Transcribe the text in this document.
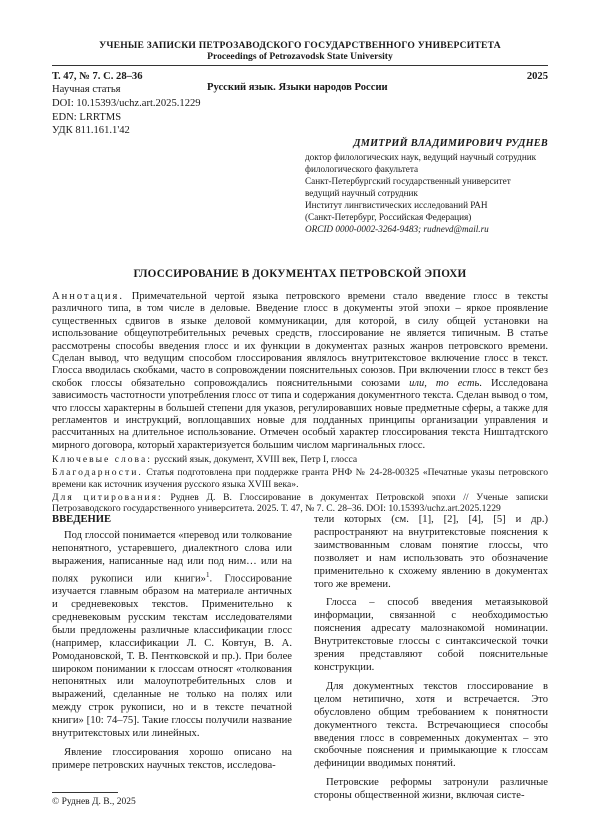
УЧЕНЫЕ ЗАПИСКИ ПЕТРОЗАВОДСКОГО ГОСУДАРСТВЕННОГО УНИВЕРСИТЕТА
Proceedings of Petrozavodsk State University
Т. 47, № 7. С. 28–36	2025
Научная статья	Русский язык. Языки народов России
DOI: 10.15393/uchz.art.2025.1229
EDN: LRRTMS
УДК 811.161.1'42
ДМИТРИЙ ВЛАДИМИРОВИЧ РУДНЕВ
доктор филологических наук, ведущий научный сотрудник
филологического факультета
Санкт-Петербургский государственный университет
ведущий научный сотрудник
Институт лингвистических исследований РАН
(Санкт-Петербург, Российская Федерация)
ORCID 0000-0002-3264-9483; rudnevd@mail.ru
ГЛОССИРОВАНИЕ В ДОКУМЕНТАХ ПЕТРОВСКОЙ ЭПОХИ

Аннотация. Примечательной чертой языка петровского времени стало введение глосс в тексты различного типа, в том числе в деловые. Введение глосс в документы этой эпохи – яркое проявление существенных сдвигов в языке деловой коммуникации, для которой, в силу общей установки на использование общеупотребительных речевых средств, глоссирование не является типичным. В статье рассмотрены способы введения глосс и их функции в документах разных жанров петровского времени. Сделан вывод, что ведущим способом глоссирования являлось внутритекстовое включение глосс в текст. Глосса вводилась скобками, часто в сопровождении пояснительных союзов. При включении глосс в текст без скобок глоссы обязательно сопровождались пояснительными союзами или, то есть. Исследована зависимость частотности употребления глосс от типа и содержания документного текста. Сделан вывод о том, что глоссы характерны в большей степени для указов, регулировавших новые предметные сферы, а также для регламентов и инструкций, воплощавших новые для подданных принципы организации управления и рассчитанных на длительное использование. Отмечен особый характер глоссирования текста Ништадтского мирного договора, который характеризуется большим числом маргинальных глосс.

Ключевые слова: русский язык, документ, XVIII век, Петр I, глосса

Благодарности. Статья подготовлена при поддержке гранта РНФ № 24-28-00325 «Печатные указы петровского времени как источник изучения русского языка XVIII века».

Для цитирования: Руднев Д. В. Глоссирование в документах Петровской эпохи // Ученые записки Петрозаводского государственного университета. 2025. Т. 47, № 7. С. 28–36. DOI: 10.15393/uchz.art.2025.1229

ВВЕДЕНИЕ

Под глоссой понимается «перевод или толкование непонятного, устаревшего, диалектного слова или выражения, написанные над или под ним… или на полях рукописи или книги»$^1$. Глоссирование изучается главным образом на материале античных и средневековых текстов. Применительно к средневековым русским текстам исследователями были предложены различные классификации глосс (например, классификации Л. С. Ковтун, В. А. Ромодановской, Т. В. Пентковской и пр.). При более широком понимании к глоссам относят «толкования непонятных или малоупотребительных слов и выражений, сделанные не только на полях или между строк рукописи, но и в тексте печатной книги» [10: 74–75]. Такие глоссы получили название внутритекстовых или линейных.

Явление глоссирования хорошо описано на примере петровских научных текстов, исследова-

тели которых (см. [1], [2], [4], [5] и др.) распространяют на внутритекстовые пояснения к заимствованным словам понятие глоссы, что позволяет и нам использовать это обозначение применительно к схожему явлению в документах того же времени.

Глосса – способ введения метаязыковой информации, связанной с необходимостью пояснения адресату малознакомой номинации. Внутритекстовые глоссы с синтаксической точки зрения представляют собой пояснительные конструкции.

Для документных текстов глоссирование в целом нетипично, хотя и встречается. Это обусловлено общим требованием к понятности документного текста. Встречающиеся способы введения глосс в современных документах – это скобочные пояснения и примыкающие к глоссам дефиниции вводимых понятий.

Петровские реформы затронули различные стороны общественной жизни, включая систе-

© Руднев Д. В., 2025
